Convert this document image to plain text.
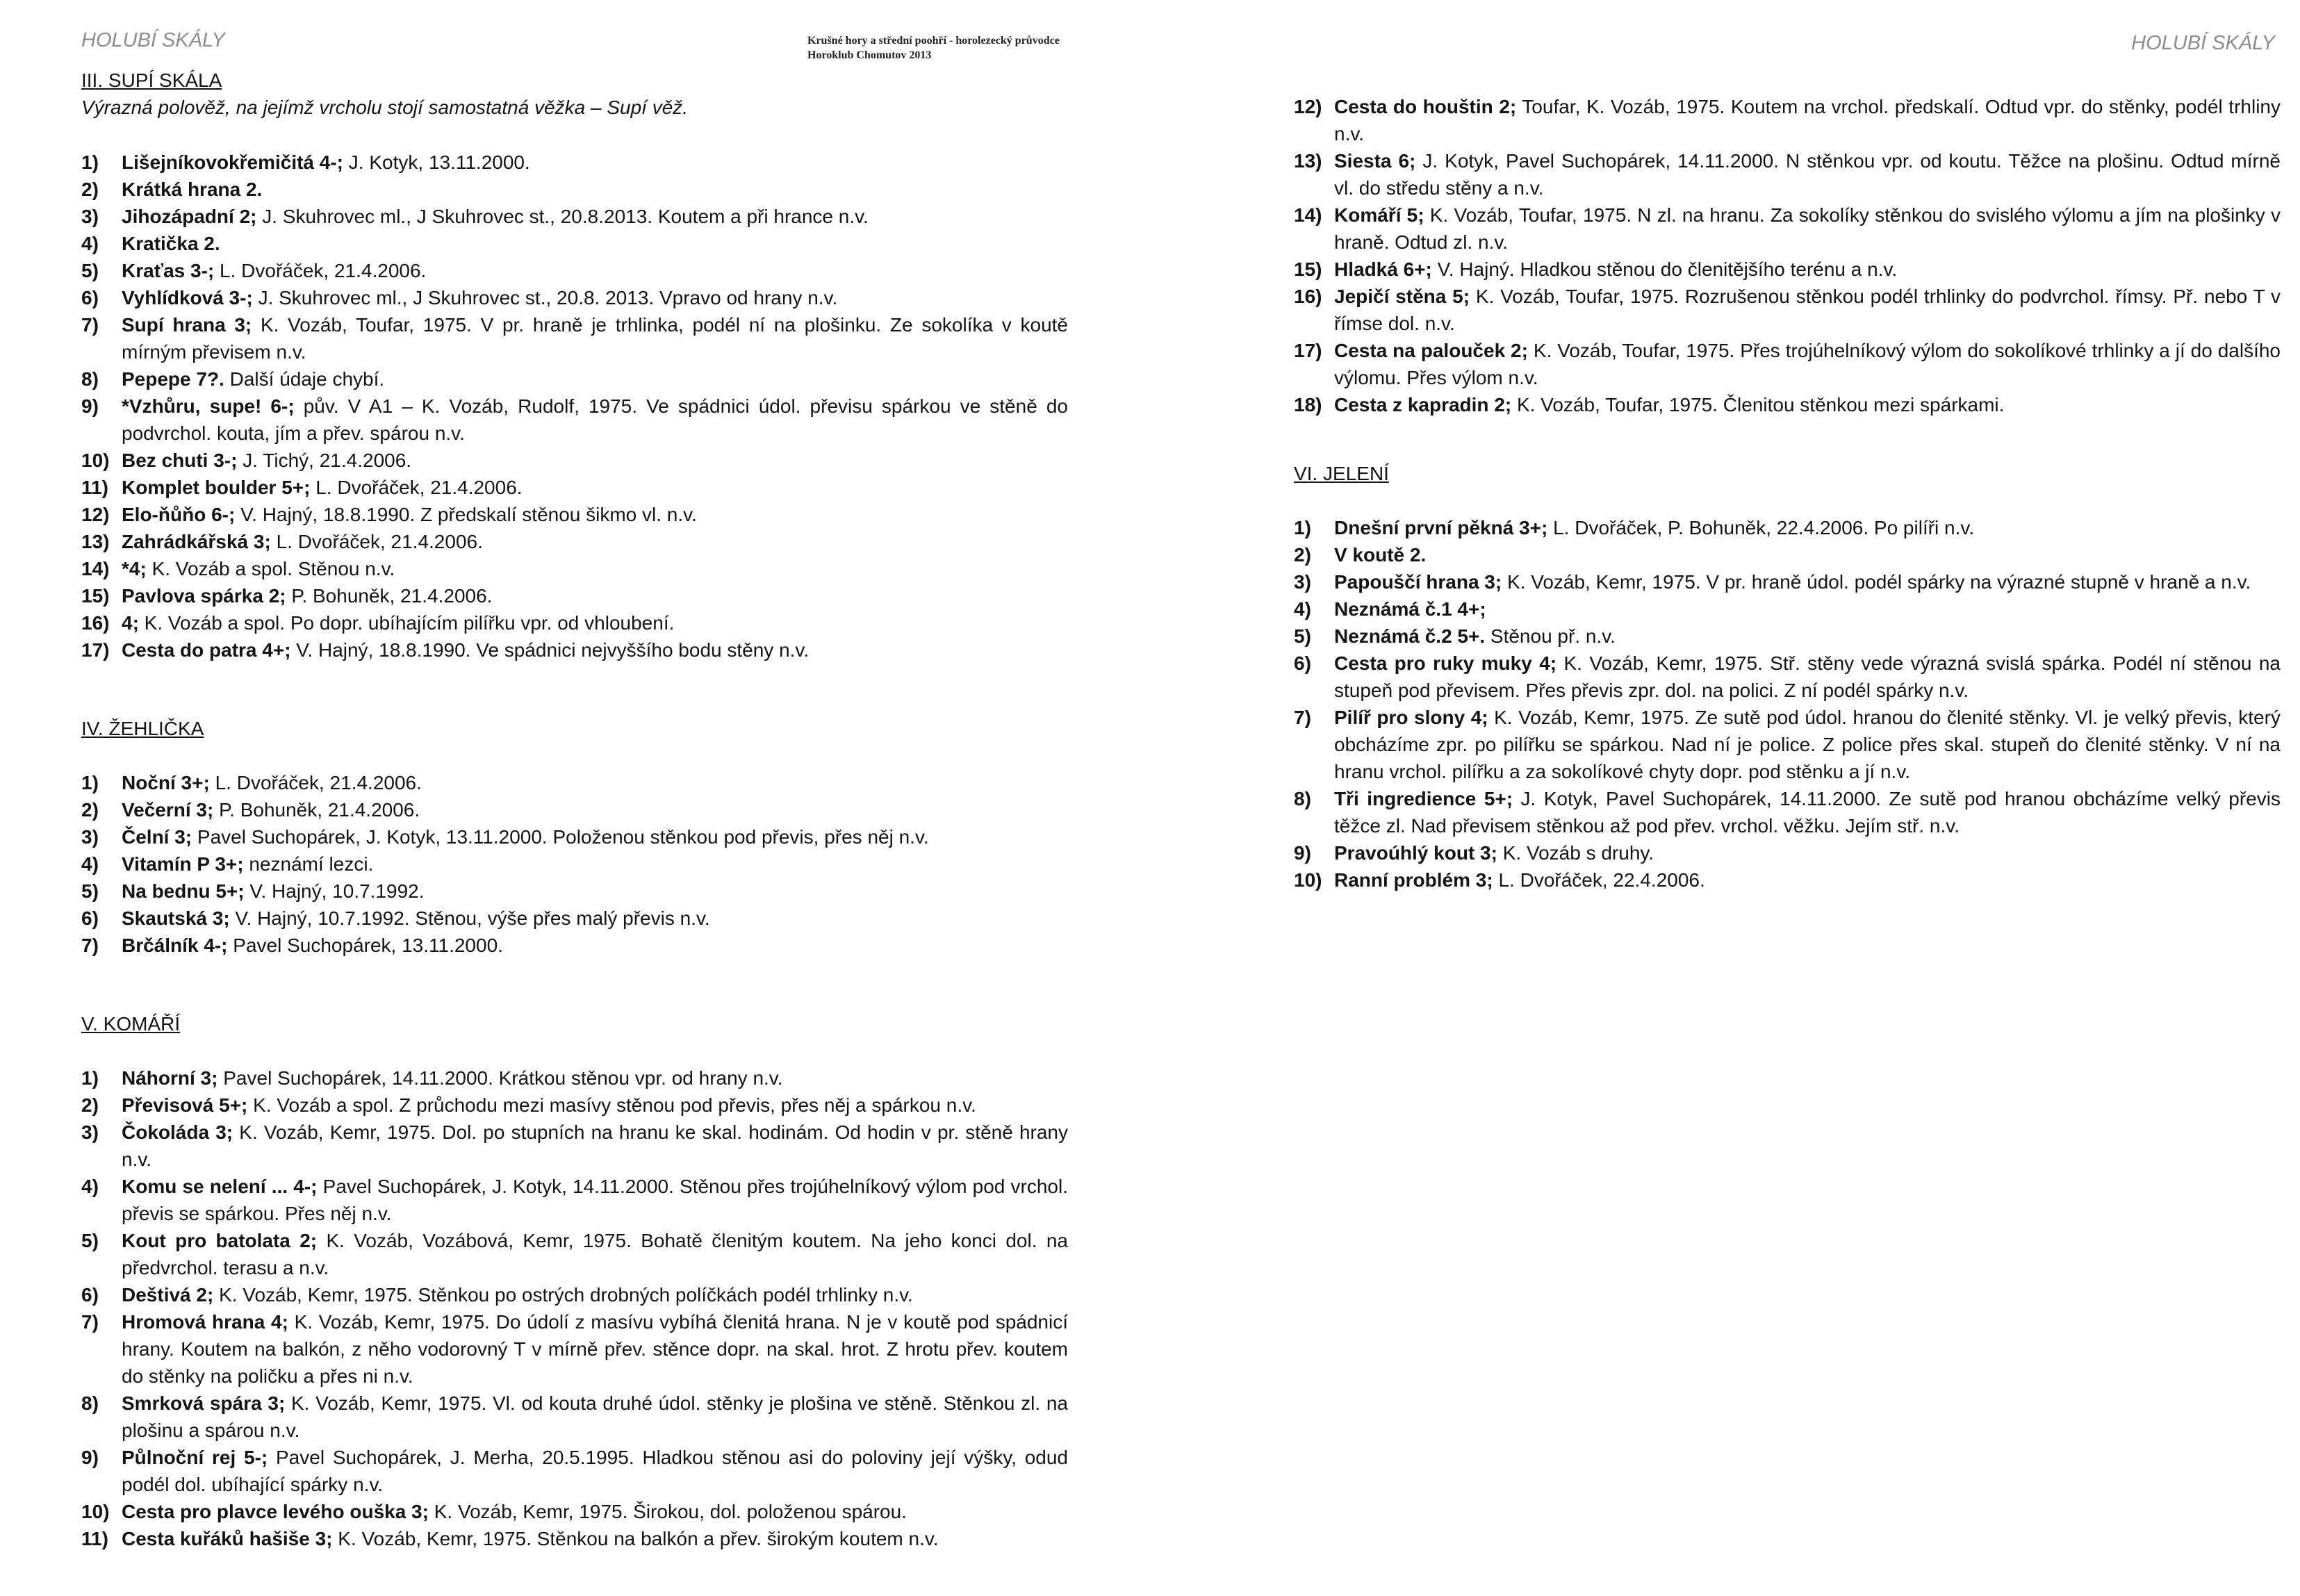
HOLUBÍ SKÁLY	Krušné hory a střední poohří - horolezecký průvodce
Horoklub Chomutov 2013
HOLUBÍ SKÁLY

III. SUPÍ SKÁLA

Výrazná polověž, na jejímž vrcholu stojí samostatná věžka – Supí věž.

1) Lišejníkovokřemičitá 4-; J. Kotyk, 13.11.2000.
2) Krátká hrana 2.
3) Jihozápadní 2; J. Skuhrovec ml., J Skuhrovec st., 20.8.2013. Koutem a při hrance n.v.
4) Kratička 2.
5) Kraťas 3-; L. Dvořáček, 21.4.2006.
6) Vyhlídková 3-; J. Skuhrovec ml., J Skuhrovec st., 20.8. 2013. Vpravo od hrany n.v.
7) Supí hrana 3; K. Vozáb, Toufar, 1975. V pr. hraně je trhlinka, podél ní na plošinku. Ze sokolíka v koutě mírným převisem n.v.
8) Pepepe 7?. Další údaje chybí.
9) *Vzhůru, supe! 6-; pův. V A1 – K. Vozáb, Rudolf, 1975. Ve spádnici údol. převisu spárkou ve stěně do podvrchol. kouta, jím a přev. spárou n.v.
10) Bez chuti 3-; J. Tichý, 21.4.2006.
11) Komplet boulder 5+; L. Dvořáček, 21.4.2006.
12) Elo-ňůňo 6-; V. Hajný, 18.8.1990. Z předskalí stěnou šikmo vl. n.v.
13) Zahrádkářská 3; L. Dvořáček, 21.4.2006.
14) *4; K. Vozáb a spol. Stěnou n.v.
15) Pavlova spárka 2; P. Bohuněk, 21.4.2006.
16) 4; K. Vozáb a spol. Po dopr. ubíhajícím pilířku vpr. od vhloubení.
17) Cesta do patra 4+; V. Hajný, 18.8.1990. Ve spádnici nejvyššího bodu stěny n.v.

IV. ŽEHLIČKA

1) Noční 3+; L. Dvořáček, 21.4.2006.
2) Večerní 3; P. Bohuněk, 21.4.2006.
3) Čelní 3; Pavel Suchopárek, J. Kotyk, 13.11.2000. Položenou stěnkou pod převis, přes něj n.v.
4) Vitamín P 3+; neznámí lezci.
5) Na bednu 5+; V. Hajný, 10.7.1992.
6) Skautská 3; V. Hajný, 10.7.1992. Stěnou, výše přes malý převis n.v.
7) Brčálník 4-; Pavel Suchopárek, 13.11.2000.

V. KOMÁŘÍ

1) Náhorní 3; Pavel Suchopárek, 14.11.2000. Krátkou stěnou vpr. od hrany n.v.
2) Převisová 5+; K. Vozáb a spol. Z průchodu mezi masívy stěnou pod převis, přes něj a spárkou n.v.
3) Čokoláda 3; K. Vozáb, Kemr, 1975. Dol. po stupních na hranu ke skal. hodinám. Od hodin v pr. stěně hrany n.v.
4) Komu se nelení ... 4-; Pavel Suchopárek, J. Kotyk, 14.11.2000. Stěnou přes trojúhelníkový výlom pod vrchol. převis se spárkou. Přes něj n.v.
5) Kout pro batolata 2; K. Vozáb, Vozábová, Kemr, 1975. Bohatě členitým koutem. Na jeho konci dol. na předvrchol. terasu a n.v.
6) Deštivá 2; K. Vozáb, Kemr, 1975. Stěnkou po ostrých drobných políčkách podél trhlinky n.v.
7) Hromová hrana 4; K. Vozáb, Kemr, 1975. Do údolí z masívu vybíhá členitá hrana. N je v koutě pod spádnicí hrany. Koutem na balkón, z něho vodorovný T v mírně přev. stěnce dopr. na skal. hrot. Z hrotu přev. koutem do stěnky na poličku a přes ni n.v.
8) Smrková spára 3; K. Vozáb, Kemr, 1975. Vl. od kouta druhé údol. stěnky je plošina ve stěně. Stěnkou zl. na plošinu a spárou n.v.
9) Půlnoční rej 5-; Pavel Suchopárek, J. Merha, 20.5.1995. Hladkou stěnou asi do poloviny její výšky, odud podél dol. ubíhající spárky n.v.
10) Cesta pro plavce levého ouška 3; K. Vozáb, Kemr, 1975. Širokou, dol. položenou spárou.
11) Cesta kuřáků hašiše 3; K. Vozáb, Kemr, 1975. Stěnkou na balkón a přev. širokým koutem n.v.
12) Cesta do houštin 2; Toufar, K. Vozáb, 1975. Koutem na vrchol. předskalí. Odtud vpr. do stěnky, podél trhliny n.v.
13) Siesta 6; J. Kotyk, Pavel Suchopárek, 14.11.2000. N stěnkou vpr. od koutu. Těžce na plošinu. Odtud mírně vl. do středu stěny a n.v.
14) Komáří 5; K. Vozáb, Toufar, 1975. N zl. na hranu. Za sokolíky stěnkou do svislého výlomu a jím na plošinky v hraně. Odtud zl. n.v.
15) Hladká 6+; V. Hajný. Hladkou stěnou do členitějšího terénu a n.v.
16) Jepičí stěna 5; K. Vozáb, Toufar, 1975. Rozrušenou stěnkou podél trhlinky do podvrchol. římsy. Př. nebo T v římse dol. n.v.
17) Cesta na palouček 2; K. Vozáb, Toufar, 1975. Přes trojúhelníkový výlom do sokolíkové trhlinky a jí do dalšího výlomu. Přes výlom n.v.
18) Cesta z kapradin 2; K. Vozáb, Toufar, 1975. Členitou stěnkou mezi spárkami.

VI. JELENÍ

1) Dnešní první pěkná 3+; L. Dvořáček, P. Bohuněk, 22.4.2006. Po pilíři n.v.
2) V koutě 2.
3) Papouščí hrana 3; K. Vozáb, Kemr, 1975. V pr. hraně údol. podél spárky na výrazné stupně v hraně a n.v.
4) Neznámá č.1 4+;
5) Neznámá č.2 5+. Stěnou př. n.v.
6) Cesta pro ruky muky 4; K. Vozáb, Kemr, 1975. Stř. stěny vede výrazná svislá spárka. Podél ní stěnou na stupeň pod převisem. Přes převis zpr. dol. na polici. Z ní podél spárky n.v.
7) Pilíř pro slony 4; K. Vozáb, Kemr, 1975. Ze sutě pod údol. hranou do členité stěnky. Vl. je velký převis, který obcházíme zpr. po pilířku se spárkou. Nad ní je police. Z police přes skal. stupeň do členité stěnky. V ní na hranu vrchol. pilířku a za sokolíkové chyty dopr. pod stěnku a jí n.v.
8) Tři ingredience 5+; J. Kotyk, Pavel Suchopárek, 14.11.2000. Ze sutě pod hranou obcházíme velký převis těžce zl. Nad převisem stěnkou až pod přev. vrchol. věžku. Jejím stř. n.v.
9) Pravoúhlý kout 3; K. Vozáb s druhy.
10) Ranní problém 3; L. Dvořáček, 22.4.2006.
